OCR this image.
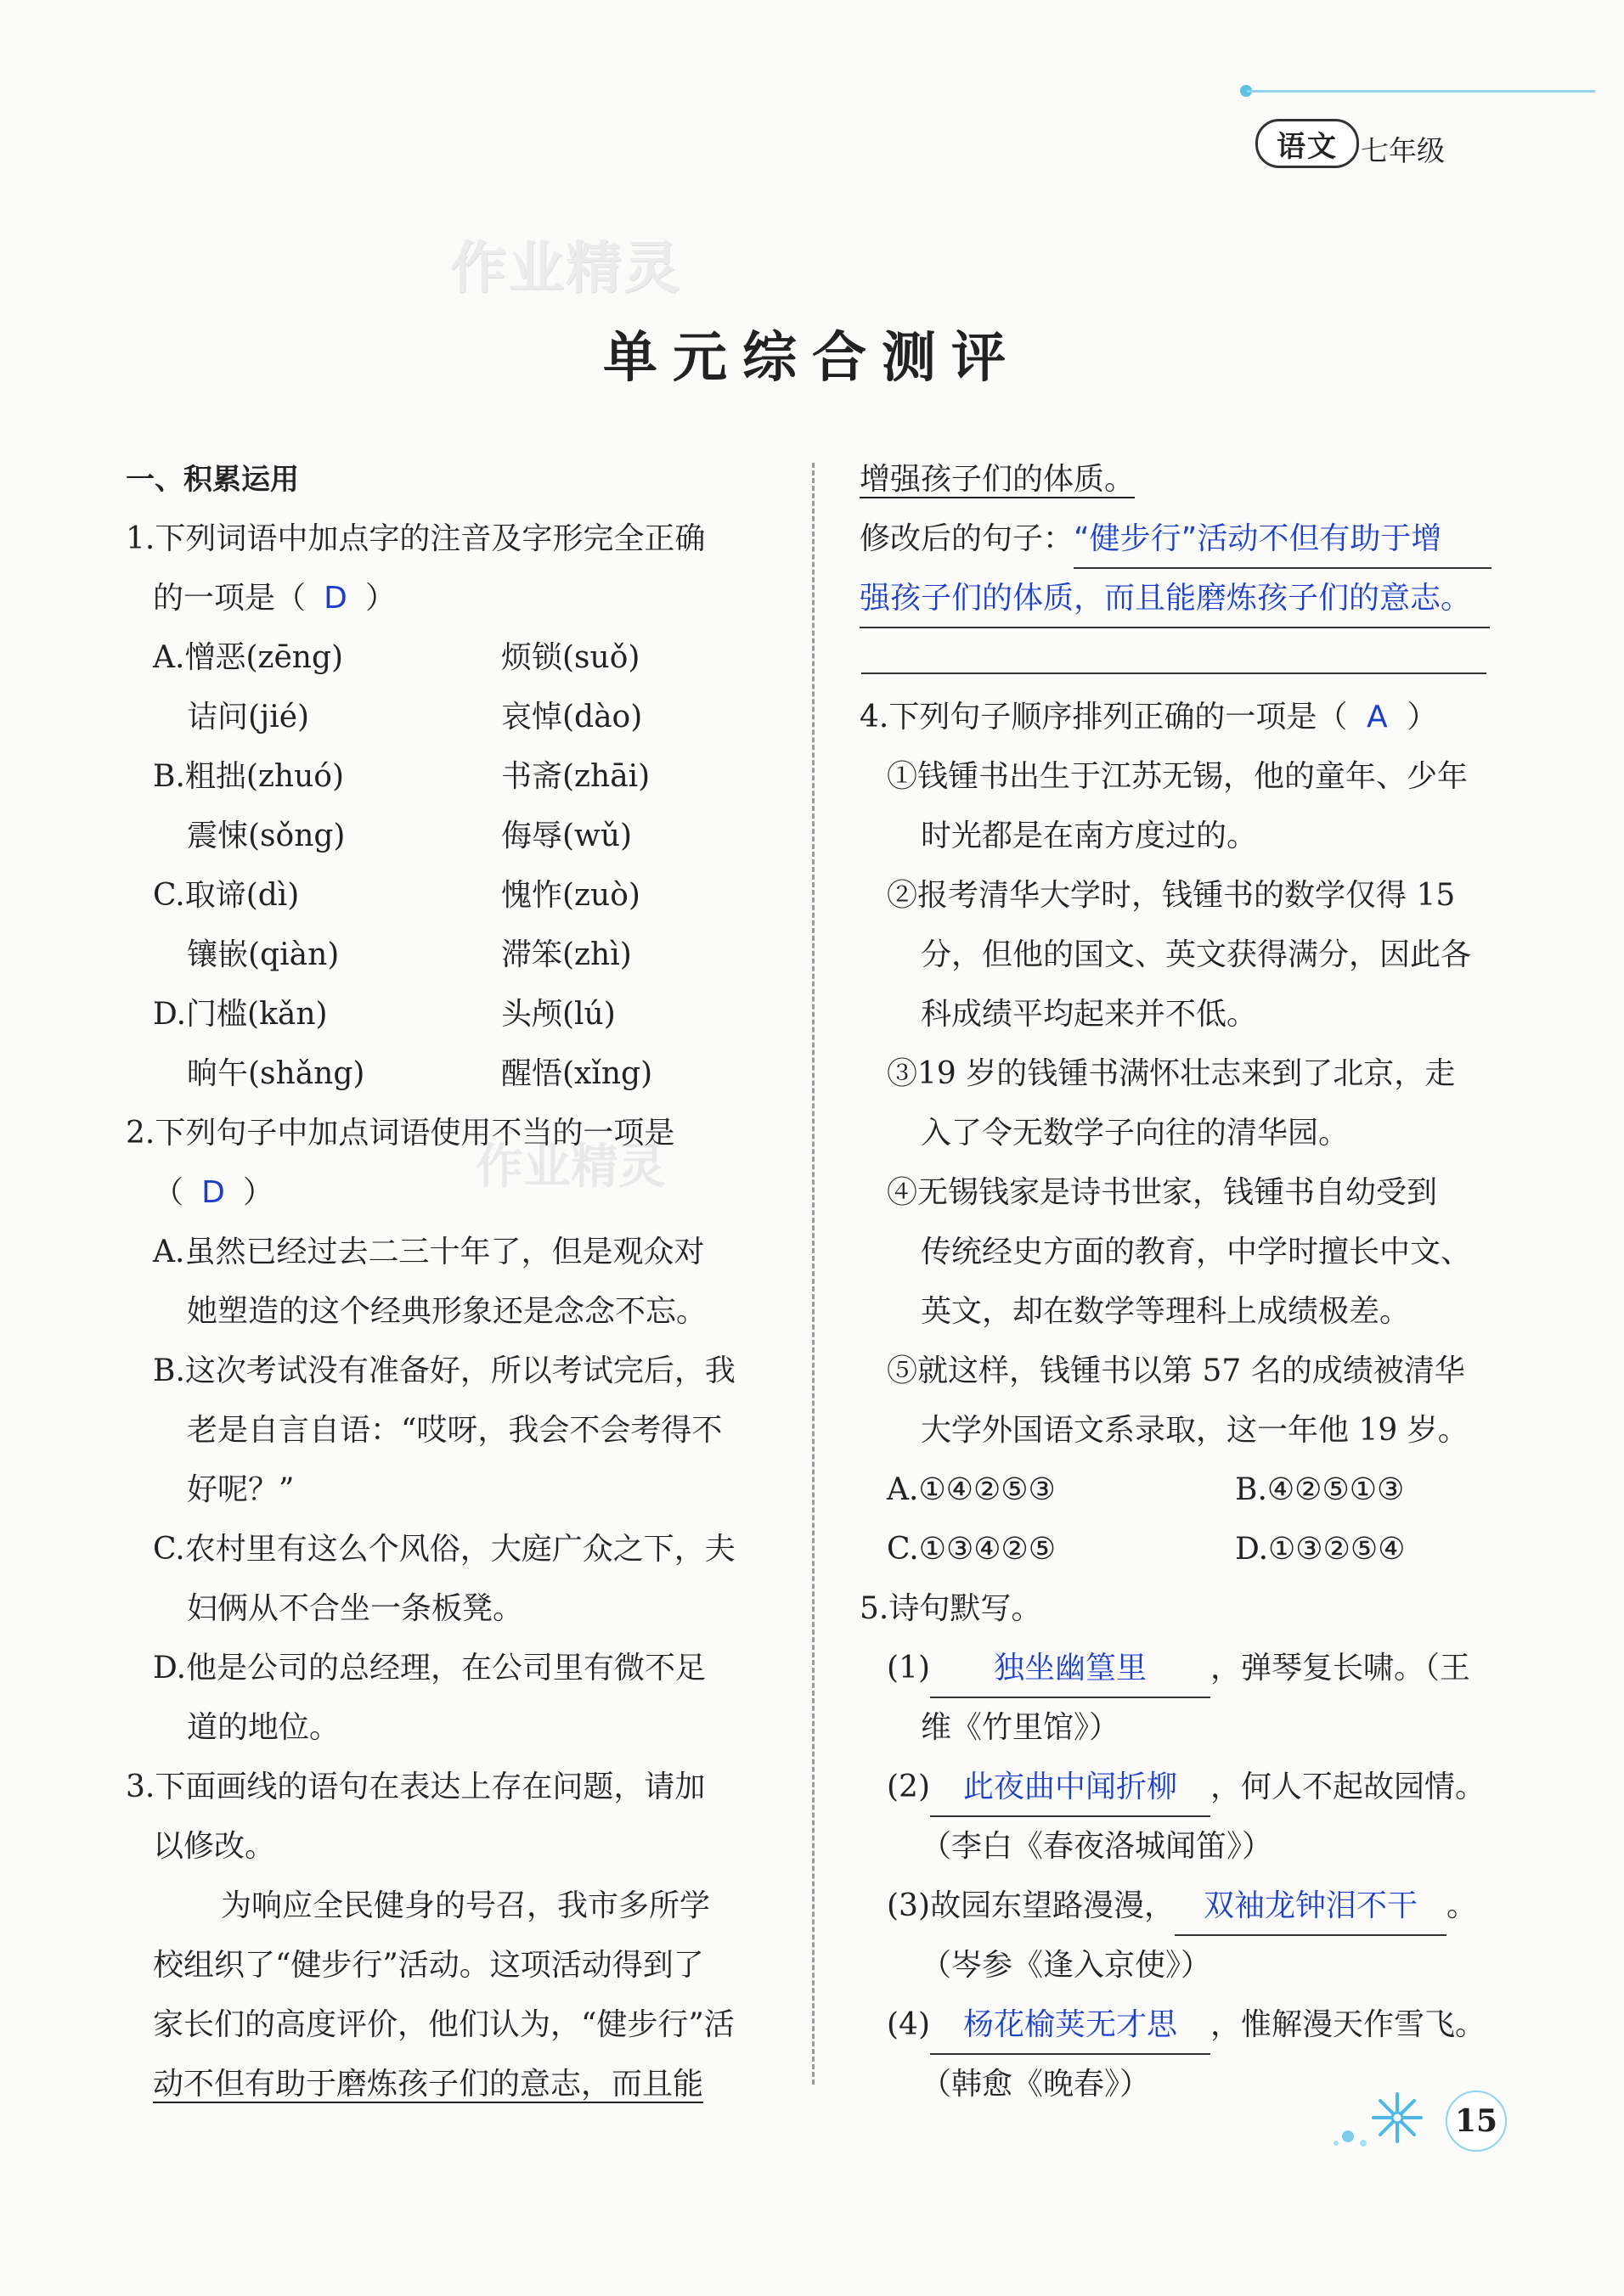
语文 七年级
作业精灵
作业精灵
单元综合测评
一、积累运用
1.下列词语中加点字的注音及字形完全正确
的一项是（ D ）
A.憎恶(zēng)	烦锁(suǒ)
诘问(jié)	哀悼(dào)
B.粗拙(zhuó)	书斋(zhāi)
震悚(sǒng)	侮辱(wǔ)
C.取谛(dì)	愧怍(zuò)
镶嵌(qiàn)	滞笨(zhì)
D.门槛(kǎn)	头颅(lú)
晌午(shǎng)	醒悟(xǐng)
2.下列句子中加点词语使用不当的一项是
（ D ）
A.虽然已经过去二三十年了，但是观众对
她塑造的这个经典形象还是念念不忘。
B.这次考试没有准备好，所以考试完后，我
老是自言自语：“哎呀，我会不会考得不
好呢？”
C.农村里有这么个风俗，大庭广众之下，夫
妇俩从不合坐一条板凳。
D.他是公司的总经理，在公司里有微不足
道的地位。
3.下面画线的语句在表达上存在问题，请加
以修改。
为响应全民健身的号召，我市多所学
校组织了“健步行”活动。这项活动得到了
家长们的高度评价，他们认为，“健步行”活
动不但有助于磨炼孩子们的意志，而且能
增强孩子们的体质。
修改后的句子：“健步行”活动不但有助于增
强孩子们的体质，而且能磨炼孩子们的意志。
4.下列句子顺序排列正确的一项是（ A ）
①钱锺书出生于江苏无锡，他的童年、少年
时光都是在南方度过的。
②报考清华大学时，钱锺书的数学仅得 15
分，但他的国文、英文获得满分，因此各
科成绩平均起来并不低。
③19 岁的钱锺书满怀壮志来到了北京，走
入了令无数学子向往的清华园。
④无锡钱家是诗书世家，钱锺书自幼受到
传统经史方面的教育，中学时擅长中文、
英文，却在数学等理科上成绩极差。
⑤就这样，钱锺书以第 57 名的成绩被清华
大学外国语文系录取，这一年他 19 岁。
A.①④②⑤③	B.④②⑤①③
C.①③④②⑤	D.①③②⑤④
5.诗句默写。
(1) 独坐幽篁里 ，弹琴复长啸。（王
维《竹里馆》）
(2) 此夜曲中闻折柳 ，何人不起故园情。
（李白《春夜洛城闻笛》）
(3)故园东望路漫漫， 双袖龙钟泪不干 。
（岑参《逢入京使》）
(4) 杨花榆荚无才思 ，惟解漫天作雪飞。
（韩愈《晚春》）
15
